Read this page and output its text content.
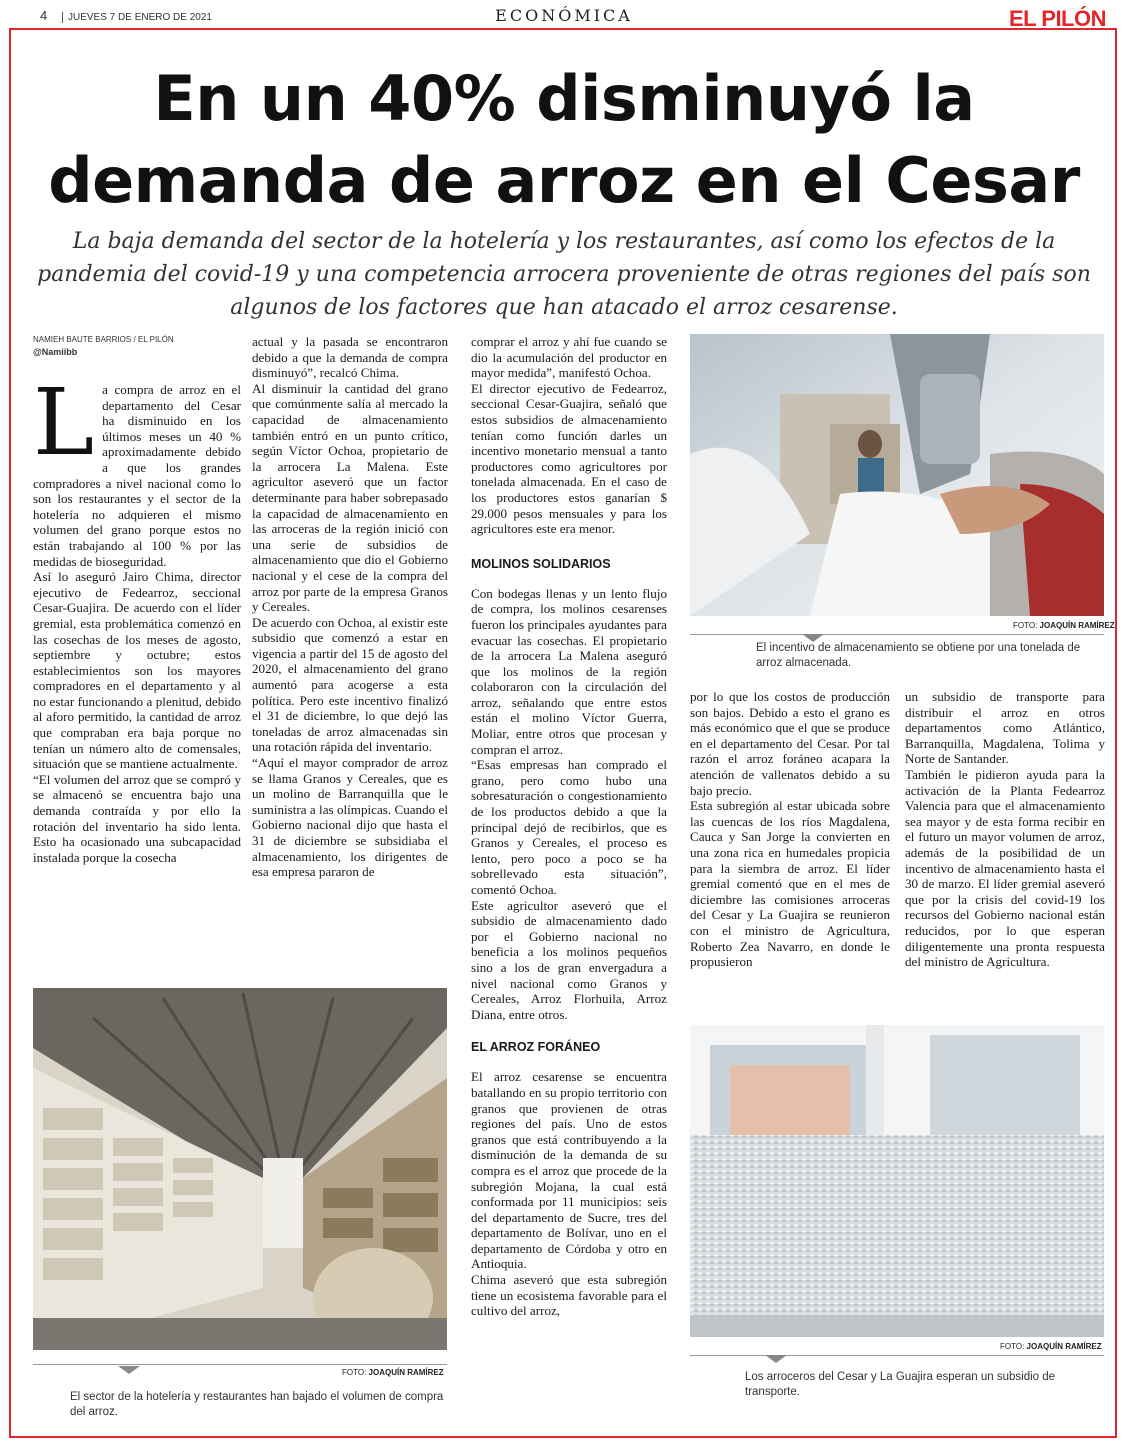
4	JUEVES 7 DE ENERO DE 2021	ECONÓMICA	EL PILÓN
En un 40% disminuyó la demanda de arroz en el Cesar
La baja demanda del sector de la hotelería y los restaurantes, así como los efectos de la pandemia del covid-19 y una competencia arrocera proveniente de otras regiones del país son algunos de los factores que han atacado el arroz cesarense.
NAMIEH BAUTE BARRIOS / EL PILÓN
@Namiibb
L a compra de arroz en el departamento del Cesar ha disminuido en los últimos meses un 40 % aproximadamente debido a que los grandes compradores a nivel nacional como lo son los restaurantes y el sector de la hotelería no adquieren el mismo volumen del grano porque estos no están trabajando al 100 % por las medidas de bioseguridad.

Así lo aseguró Jairo Chima, director ejecutivo de Fedearroz, seccional Cesar-Guajira. De acuerdo con el líder gremial, esta problemática comenzó en las cosechas de los meses de agosto, septiembre y octubre; estos establecimientos son los mayores compradores en el departamento y al no estar funcionando a plenitud, debido al aforo permitido, la cantidad de arroz que compraban era baja porque no tenían un número alto de comensales, situación que se mantiene actualmente.

“El volumen del arroz que se compró y se almacenó se encuentra bajo una demanda contraída y por ello la rotación del inventario ha sido lenta. Esto ha ocasionado una subcapacidad instalada porque la cosecha

actual y la pasada se encontraron debido a que la demanda de compra disminuyó”, recalcó Chima.

Al disminuir la cantidad del grano que comúnmente salía al mercado la capacidad de almacenamiento también entró en un punto crítico, según Víctor Ochoa, propietario de la arrocera La Malena. Este agricultor aseveró que un factor determinante para haber sobrepasado la capacidad de almacenamiento en las arroceras de la región inició con una serie de subsidios de almacenamiento que dio el Gobierno nacional y el cese de la compra del arroz por parte de la empresa Granos y Cereales.

De acuerdo con Ochoa, al existir este subsidio que comenzó a estar en vigencia a partir del 15 de agosto del 2020, el almacenamiento del grano aumentó para acogerse a esta política. Pero este incentivo finalizó el 31 de diciembre, lo que dejó las toneladas de arroz almacenadas sin una rotación rápida del inventario.

“Aquí el mayor comprador de arroz se llama Granos y Cereales, que es un molino de Barranquilla que le suministra a las olímpicas. Cuando el Gobierno nacional dijo que hasta el 31 de diciembre se subsidiaba el almacenamiento, los dirigentes de esa empresa pararon de

comprar el arroz y ahí fue cuando se dio la acumulación del productor en mayor medida”, manifestó Ochoa.

El director ejecutivo de Fedearroz, seccional Cesar-Guajira, señaló que estos subsidios de almacenamiento tenían como función darles un incentivo monetario mensual a tanto productores como agricultores por tonelada almacenada. En el caso de los productores estos ganarían $ 29.000 pesos mensuales y para los agricultores este era menor.

MOLINOS SOLIDARIOS

Con bodegas llenas y un lento flujo de compra, los molinos cesarenses fueron los principales ayudantes para evacuar las cosechas. El propietario de la arrocera La Malena aseguró que los molinos de la región colaboraron con la circulación del arroz, señalando que entre estos están el molino Víctor Guerra, Moliar, entre otros que procesan y compran el arroz.

“Esas empresas han comprado el grano, pero como hubo una sobresaturación o congestionamiento de los productos debido a que la principal dejó de recibirlos, que es Granos y Cereales, el proceso es lento, pero poco a poco se ha sobrellevado esta situación”, comentó Ochoa.

Este agricultor aseveró que el subsidio de almacenamiento dado por el Gobierno nacional no beneficia a los molinos pequeños sino a los de gran envergadura a nivel nacional como Granos y Cereales, Arroz Florhuila, Arroz Diana, entre otros.

EL ARROZ FORÁNEO

El arroz cesarense se encuentra batallando en su propio territorio con granos que provienen de otras regiones del país. Uno de estos granos que está contribuyendo a la disminución de la demanda de su compra es el arroz que procede de la subregión Mojana, la cual está conformada por 11 municipios: seis del departamento de Sucre, tres del departamento de Bolívar, uno en el departamento de Córdoba y otro en Antioquia.

Chima aseveró que esta subregión tiene un ecosistema favorable para el cultivo del arroz,

por lo que los costos de producción son bajos. Debido a esto el grano es más económico que el que se produce en el departamento del Cesar. Por tal razón el arroz foráneo acapara la atención de vallenatos debido a su bajo precio.

Esta subregión al estar ubicada sobre las cuencas de los ríos Magdalena, Cauca y San Jorge la convierten en una zona rica en humedales propicia para la siembra de arroz. El líder gremial comentó que en el mes de diciembre las comisiones arroceras del Cesar y La Guajira se reunieron con el ministro de Agricultura, Roberto Zea Navarro, en donde le propusieron

un subsidio de transporte para distribuir el arroz en otros departamentos como Atlántico, Barranquilla, Magdalena, Tolima y Norte de Santander.

También le pidieron ayuda para la activación de la Planta Fedearroz Valencia para que el almacenamiento sea mayor y de esta forma recibir en el futuro un mayor volumen de arroz, además de la posibilidad de un incentivo de almacenamiento hasta el 30 de marzo. El líder gremial aseveró que por la crisis del covid-19 los recursos del Gobierno nacional están reducidos, por lo que esperan diligentemente una pronta respuesta del ministro de Agricultura.

FOTO: JOAQUÍN RAMÍREZ
El incentivo de almacenamiento se obtiene por una tonelada de arroz almacenada.
FOTO: JOAQUÍN RAMÍREZ
El sector de la hotelería y restaurantes han bajado el volumen de compra del arroz.
FOTO: JOAQUÍN RAMÍREZ
Los arroceros del Cesar y La Guajira esperan un subsidio de transporte.
